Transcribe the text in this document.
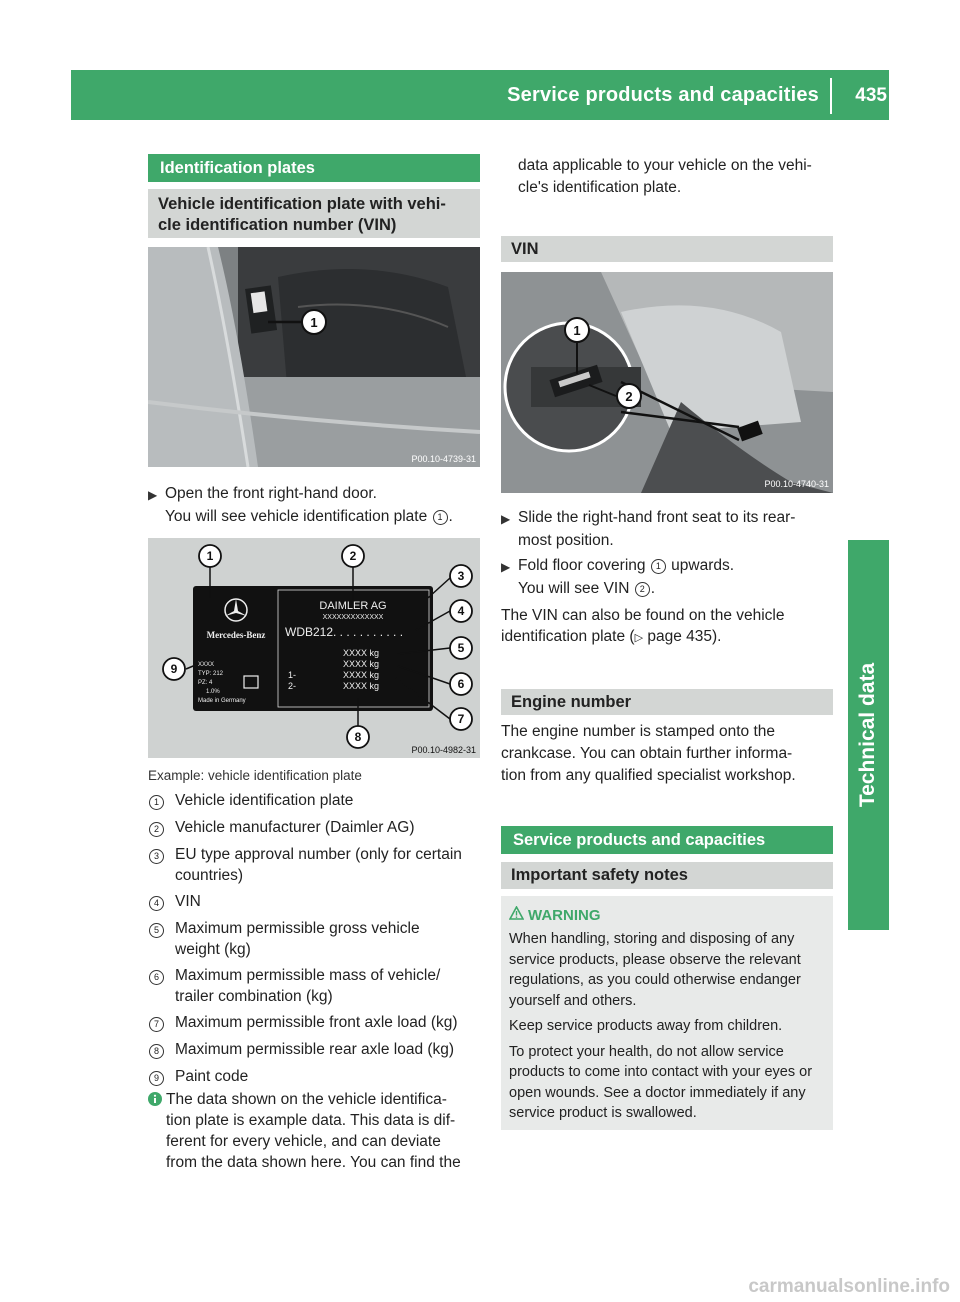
Service products and capacities 435
Technical data
Identification plates
Vehicle identification plate with vehi-
cle identification number (VIN)
1
P00.10-4739-31
▶ Open the front right-hand door.
You will see vehicle identification plate 1 .
Mercedes-Benz
DAIMLER AG
XXXXXXXXXXXXX
WDB212. . . . . . . . . . .
XXXX kg
XXXX kg
XXXX kg
XXXX kg
1-
2-
XXXX
TYP: 212
PZ: 4
1.0%
Made in Germany
1	2
3
4
5
6
7
8
9
P00.10-4982-31
Example: vehicle identification plate
1	Vehicle identification plate
2	Vehicle manufacturer (Daimler AG)
3	EU type approval number (only for certain
countries)
4	VIN
5	Maximum permissible gross vehicle
weight (kg)
6	Maximum permissible mass of vehicle/
trailer combination (kg)
7	Maximum permissible front axle load (kg)
8	Maximum permissible rear axle load (kg)
9	Paint code
The data shown on the vehicle identifica-
tion plate is example data. This data is dif-
ferent for every vehicle, and can deviate
from the data shown here. You can find the
data applicable to your vehicle on the vehi-
cle's identification plate.
VIN
1
2
P00.10-4740-31
▶ Slide the right-hand front seat to its rear-
most position.
▶ Fold floor covering 1 upwards.
You will see VIN 2 .
The VIN can also be found on the vehicle
identification plate (▷ page 435).
Engine number
The engine number is stamped onto the
crankcase. You can obtain further informa-
tion from any qualified specialist workshop.
Service products and capacities
Important safety notes
WARNING

When handling, storing and disposing of any service products, please observe the relevant regulations, as you could otherwise endanger yourself and others.

Keep service products away from children.

To protect your health, do not allow service products to come into contact with your eyes or open wounds. See a doctor immediately if any service product is swallowed.

carmanualsonline.info
